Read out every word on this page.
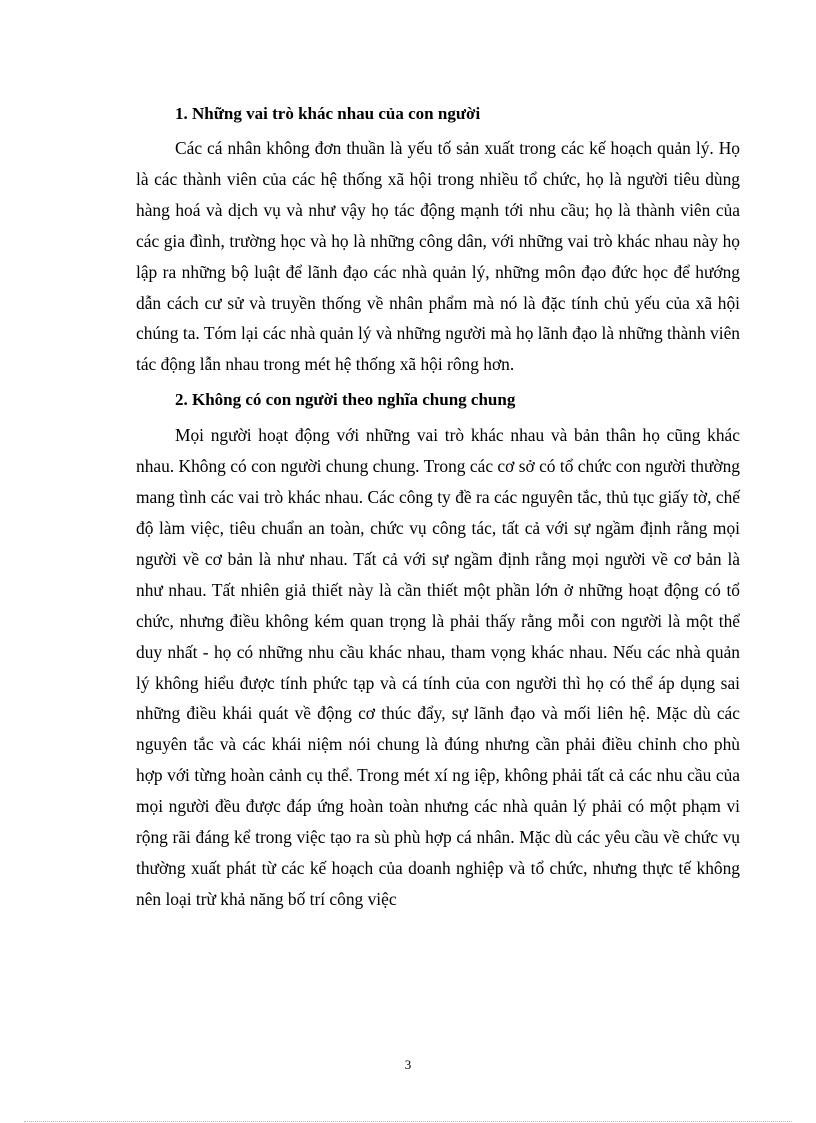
1. Những vai trò khác nhau của con người

Các cá nhân không đơn thuần là yếu tố sản xuất trong các kế hoạch quản lý. Họ là các thành viên của các hệ thống xã hội trong nhiều tổ chức, họ là người tiêu dùng hàng hoá và dịch vụ và như vậy họ tác động mạnh tới nhu cầu; họ là thành viên của các gia đình, trường học và họ là những công dân, với những vai trò khác nhau này họ lập ra những bộ luật để lãnh đạo các nhà quản lý, những môn đạo đức học để hướng dẫn cách cư sử và truyền thống về nhân phẩm mà nó là đặc tính chủ yếu của xã hội chúng ta. Tóm lại các nhà quản lý và những người mà họ lãnh đạo là những thành viên tác động lẫn nhau trong mét hệ thống xã hội rông hơn.

2. Không có con người theo nghĩa chung chung

Mọi người hoạt động với những vai trò khác nhau và bản thân họ cũng khác nhau. Không có con người chung chung. Trong các cơ sở có tổ chức con người thường mang tình các vai trò khác nhau. Các công ty đề ra các nguyên tắc, thủ tục giấy tờ, chế độ làm việc, tiêu chuẩn an toàn, chức vụ công tác, tất cả với sự ngầm định rằng mọi người về cơ bản là như nhau. Tất cả với sự ngầm định rằng mọi người về cơ bản là như nhau. Tất nhiên giả thiết này là cần thiết một phần lớn ở những hoạt động có tổ chức, nhưng điều không kém quan trọng là phải thấy rằng mỗi con người là một thể duy nhất - họ có những nhu cầu khác nhau, tham vọng khác nhau. Nếu các nhà quản lý không hiểu được tính phức tạp và cá tính của con người thì họ có thể áp dụng sai những điều khái quát về động cơ thúc đẩy, sự lãnh đạo và mối liên hệ. Mặc dù các nguyên tắc và các khái niệm nói chung là đúng nhưng cần phải điều chỉnh cho phù hợp với từng hoàn cảnh cụ thể. Trong mét xí ng iệp, không phải tất cả các nhu cầu của mọi người đều được đáp ứng hoàn toàn nhưng các nhà quản lý phải có một phạm vi rộng rãi đáng kể trong việc tạo ra sù phù hợp cá nhân. Mặc dù các yêu cầu về chức vụ thường xuất phát từ các kế hoạch của doanh nghiệp và tổ chức, nhưng thực tế không nên loại trừ khả năng bố trí công việc

3
